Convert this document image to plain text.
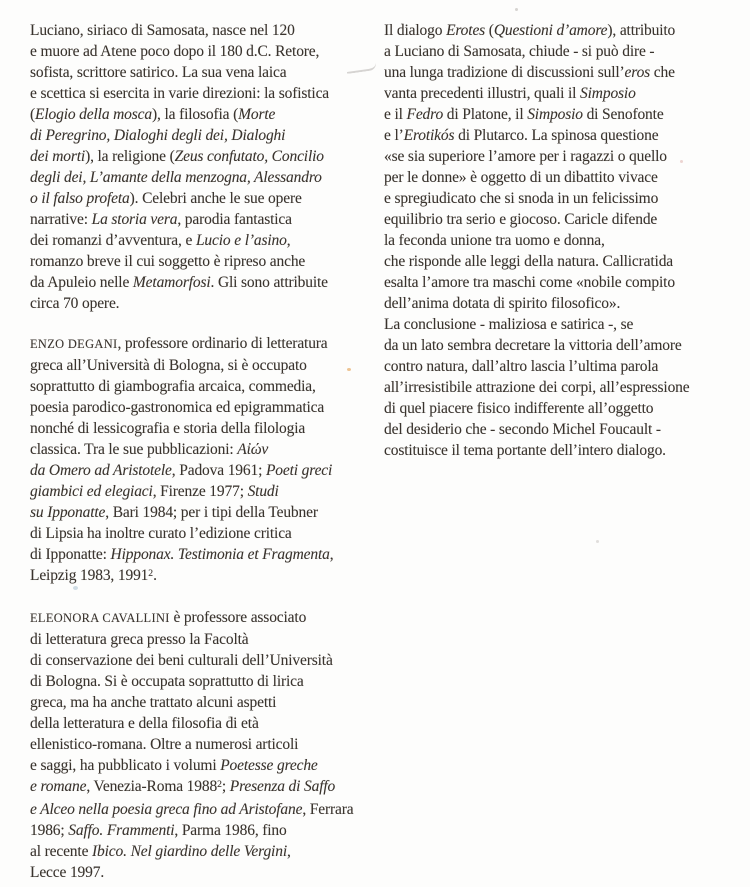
Luciano, siriaco di Samosata, nasce nel 120
e muore ad Atene poco dopo il 180 d.C. Retore,
sofista, scrittore satirico. La sua vena laica
e scettica si esercita in varie direzioni: la sofistica
(Elogio della mosca), la filosofia (Morte
di Peregrino, Dialoghi degli dei, Dialoghi
dei morti), la religione (Zeus confutato, Concilio
degli dei, L’amante della menzogna, Alessandro
o il falso profeta). Celebri anche le sue opere
narrative: La storia vera, parodia fantastica
dei romanzi d’avventura, e Lucio e l’asino,
romanzo breve il cui soggetto è ripreso anche
da Apuleio nelle Metamorfosi. Gli sono attribuite
circa 70 opere.
ENZO DEGANI, professore ordinario di letteratura
greca all’Università di Bologna, si è occupato
soprattutto di giambografia arcaica, commedia,
poesia parodico-gastronomica ed epigrammatica
nonché di lessicografia e storia della filologia
classica. Tra le sue pubblicazioni: Αἰών
da Omero ad Aristotele, Padova 1961; Poeti greci
giambici ed elegiaci, Firenze 1977; Studi
su Ipponatte, Bari 1984; per i tipi della Teubner
di Lipsia ha inoltre curato l’edizione critica
di Ipponatte: Hipponax. Testimonia et Fragmenta,
Leipzig 1983, 1991$^2$.
ELEONORA CAVALLINI è professore associato
di letteratura greca presso la Facoltà
di conservazione dei beni culturali dell’Università
di Bologna. Si è occupata soprattutto di lirica
greca, ma ha anche trattato alcuni aspetti
della letteratura e della filosofia di età
ellenistico-romana. Oltre a numerosi articoli
e saggi, ha pubblicato i volumi Poetesse greche
e romane, Venezia-Roma 1988$^2$; Presenza di Saffo
e Alceo nella poesia greca fino ad Aristofane, Ferrara
1986; Saffo. Frammenti, Parma 1986, fino
al recente Ibico. Nel giardino delle Vergini,
Lecce 1997.
Il dialogo Erotes (Questioni d’amore), attribuito
a Luciano di Samosata, chiude - si può dire -
una lunga tradizione di discussioni sull’eros che
vanta precedenti illustri, quali il Simposio
e il Fedro di Platone, il Simposio di Senofonte
e l’Erotikós di Plutarco. La spinosa questione
«se sia superiore l’amore per i ragazzi o quello
per le donne» è oggetto di un dibattito vivace
e spregiudicato che si snoda in un felicissimo
equilibrio tra serio e giocoso. Caricle difende
la feconda unione tra uomo e donna,
che risponde alle leggi della natura. Callicratida
esalta l’amore tra maschi come «nobile compito
dell’anima dotata di spirito filosofico».
La conclusione - maliziosa e satirica -, se
da un lato sembra decretare la vittoria dell’amore
contro natura, dall’altro lascia l’ultima parola
all’irresistibile attrazione dei corpi, all’espressione
di quel piacere fisico indifferente all’oggetto
del desiderio che - secondo Michel Foucault -
costituisce il tema portante dell’intero dialogo.
